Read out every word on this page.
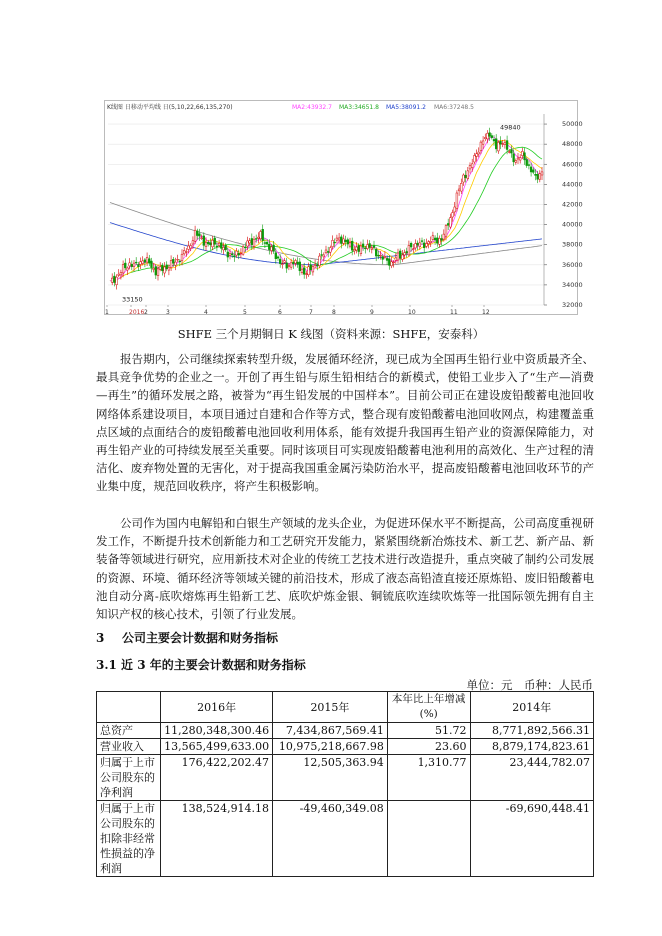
32000
34000
36000
38000
40000
42000
44000
46000
48000
50000
1	2016 2	3	4	5	6	7	8	9	10	11	12
K线图 日移动平均线 日(5,10,22,66,135,270)	MA2:43932.7 MA3:34651.8 MA5:38091.2 MA6:37248.5
49840
33150
SHFE 三个月期铜日 K 线图（资料来源：SHFE，安泰科）

报告期内，公司继续探索转型升级，发展循环经济，现已成为全国再生铅行业中资质最齐全、最具竞争优势的企业之一。开创了再生铅与原生铅相结合的新模式，使铅工业步入了“生产—消费—再生”的循环发展之路，被誉为“再生铅发展的中国样本”。目前公司正在建设废铅酸蓄电池回收网络体系建设项目，本项目通过自建和合作等方式，整合现有废铅酸蓄电池回收网点，构建覆盖重点区域的点面结合的废铅酸蓄电池回收利用体系，能有效提升我国再生铅产业的资源保障能力，对再生铅产业的可持续发展至关重要。同时该项目可实现废铅酸蓄电池利用的高效化、生产过程的清洁化、废弃物处置的无害化，对于提高我国重金属污染防治水平，提高废铅酸蓄电池回收环节的产业集中度，规范回收秩序，将产生积极影响。

公司作为国内电解铅和白银生产领域的龙头企业，为促进环保水平不断提高，公司高度重视研发工作，不断提升技术创新能力和工艺研究开发能力，紧紧围绕新冶炼技术、新工艺、新产品、新装备等领域进行研究，应用新技术对企业的传统工艺技术进行改造提升，重点突破了制约公司发展的资源、环境、循环经济等领域关键的前沿技术，形成了液态高铅渣直接还原炼铅、废旧铅酸蓄电池自动分离-底吹熔炼再生铅新工艺、底吹炉炼金银、铜锍底吹连续吹炼等一批国际领先拥有自主知识产权的核心技术，引领了行业发展。

3 公司主要会计数据和财务指标
3.1 近 3 年的主要会计数据和财务指标
单位：元　币种：人民币
	2016年	2015年	本年比上年增减(%)	2014年
总资产	11,280,348,300.46	7,434,867,569.41	51.72	8,771,892,566.31
营业收入	13,565,499,633.00	10,975,218,667.98	23.60	8,879,174,823.61
归属于上市公司股东的净利润	176,422,202.47	12,505,363.94	1,310.77	23,444,782.07
归属于上市公司股东的扣除非经常性损益的净利润	138,524,914.18	-49,460,349.08		-69,690,448.41
